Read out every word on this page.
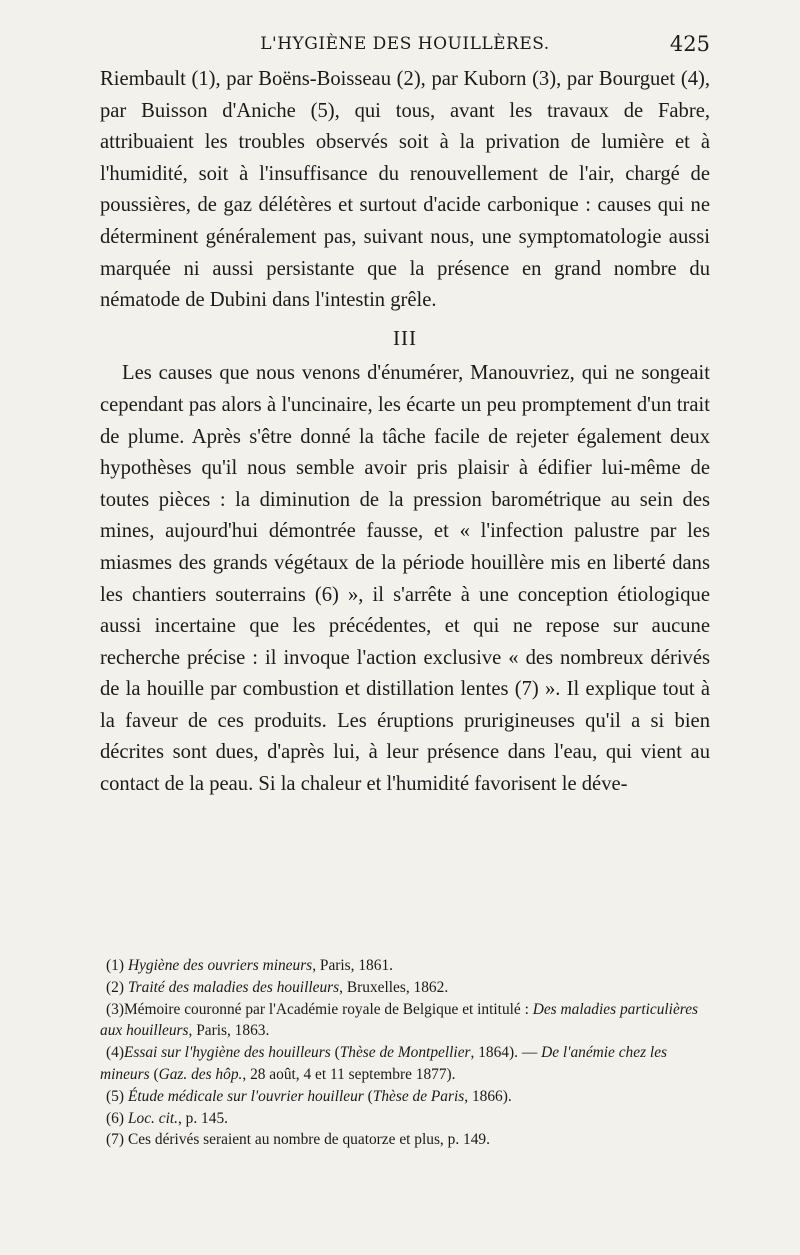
L'HYGIÈNE DES HOUILLÈRES.	425

Riembault (1), par Boëns-Boisseau (2), par Kuborn (3), par Bourguet (4), par Buisson d'Aniche (5), qui tous, avant les travaux de Fabre, attribuaient les troubles observés soit à la privation de lumière et à l'humidité, soit à l'insuffisance du renouvellement de l'air, chargé de poussières, de gaz délétères et surtout d'acide carbonique : causes qui ne déterminent généralement pas, suivant nous, une symptomatologie aussi marquée ni aussi persistante que la présence en grand nombre du nématode de Dubini dans l'intestin grêle.

III

Les causes que nous venons d'énumérer, Manouvriez, qui ne songeait cependant pas alors à l'uncinaire, les écarte un peu promptement d'un trait de plume. Après s'être donné la tâche facile de rejeter également deux hypothèses qu'il nous semble avoir pris plaisir à édifier lui-même de toutes pièces : la diminution de la pression barométrique au sein des mines, aujourd'hui démontrée fausse, et « l'infection palustre par les miasmes des grands végétaux de la période houillère mis en liberté dans les chantiers souterrains (6) », il s'arrête à une conception étiologique aussi incertaine que les précédentes, et qui ne repose sur aucune recherche précise : il invoque l'action exclusive « des nombreux dérivés de la houille par combustion et distillation lentes (7) ». Il explique tout à la faveur de ces produits. Les éruptions prurigineuses qu'il a si bien décrites sont dues, d'après lui, à leur présence dans l'eau, qui vient au contact de la peau. Si la chaleur et l'humidité favorisent le déve-

(1) Hygiène des ouvriers mineurs, Paris, 1861.

(2) Traité des maladies des houilleurs, Bruxelles, 1862.

(3)Mémoire couronné par l'Académie royale de Belgique et intitulé : Des maladies particulières aux houilleurs, Paris, 1863.

(4)Essai sur l'hygiène des houilleurs (Thèse de Montpellier, 1864). — De l'anémie chez les mineurs (Gaz. des hôp., 28 août, 4 et 11 septembre 1877).

(5) Étude médicale sur l'ouvrier houilleur (Thèse de Paris, 1866).

(6) Loc. cit., p. 145.

(7) Ces dérivés seraient au nombre de quatorze et plus, p. 149.
